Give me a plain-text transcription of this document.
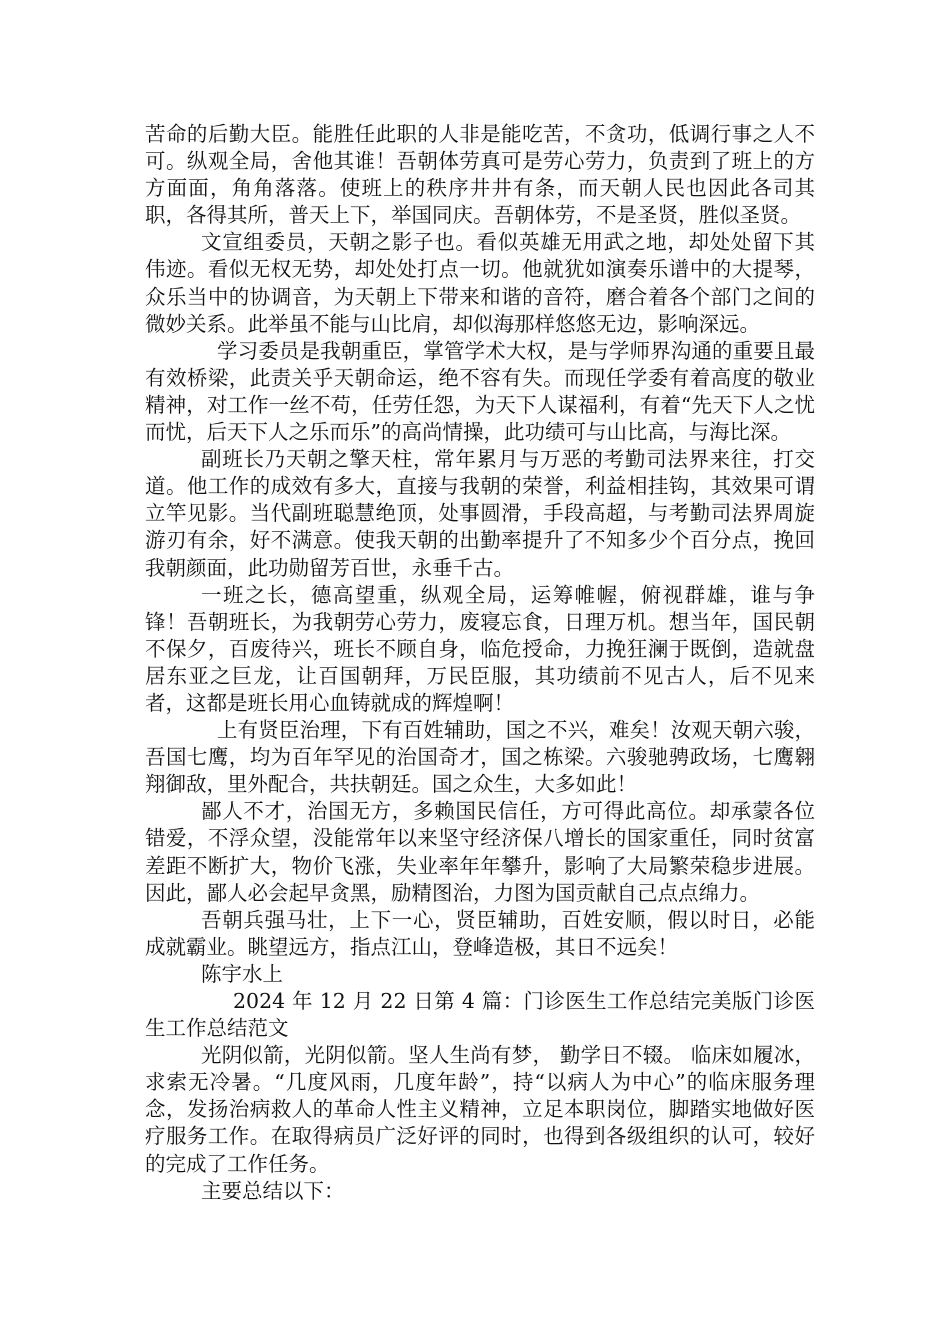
苦命的后勤大臣。能胜任此职的人非是能吃苦，不贪功，低调行事之人不可。纵观全局，舍他其谁！吾朝体劳真可是劳心劳力，负责到了班上的方方面面，角角落落。使班上的秩序井井有条，而天朝人民也因此各司其职，各得其所，普天上下，举国同庆。吾朝体劳，不是圣贤，胜似圣贤。

文宣组委员，天朝之影子也。看似英雄无用武之地，却处处留下其伟迹。看似无权无势，却处处打点一切。他就犹如演奏乐谱中的大提琴，众乐当中的协调音，为天朝上下带来和谐的音符，磨合着各个部门之间的微妙关系。此举虽不能与山比肩，却似海那样悠悠无边，影响深远。

学习委员是我朝重臣，掌管学术大权，是与学师界沟通的重要且最有效桥梁，此责关乎天朝命运，绝不容有失。而现任学委有着高度的敬业精神，对工作一丝不苟，任劳任怨，为天下人谋福利，有着“先天下人之忧而忧，后天下人之乐而乐”的高尚情操，此功绩可与山比高，与海比深。

副班长乃天朝之擎天柱，常年累月与万恶的考勤司法界来往，打交道。他工作的成效有多大，直接与我朝的荣誉，利益相挂钩，其效果可谓立竿见影。当代副班聪慧绝顶，处事圆滑，手段高超，与考勤司法界周旋游刃有余，好不满意。使我天朝的出勤率提升了不知多少个百分点，挽回我朝颜面，此功勋留芳百世，永垂千古。

一班之长，德高望重，纵观全局，运筹帷幄，俯视群雄，谁与争锋！吾朝班长，为我朝劳心劳力，废寝忘食，日理万机。想当年，国民朝不保夕，百废待兴，班长不顾自身，临危授命，力挽狂澜于既倒，造就盘居东亚之巨龙，让百国朝拜，万民臣服，其功绩前不见古人，后不见来者，这都是班长用心血铸就成的辉煌啊！

上有贤臣治理，下有百姓辅助，国之不兴，难矣！汝观天朝六骏，吾国七鹰，均为百年罕见的治国奇才，国之栋梁。六骏驰骋政场，七鹰翱翔御敌，里外配合，共扶朝廷。国之众生，大多如此！

鄙人不才，治国无方，多赖国民信任，方可得此高位。却承蒙各位错爱，不浮众望，没能常年以来坚守经济保八增长的国家重任，同时贫富差距不断扩大，物价飞涨，失业率年年攀升，影响了大局繁荣稳步进展。因此，鄙人必会起早贪黑，励精图治，力图为国贡献自己点点绵力。

吾朝兵强马壮，上下一心，贤臣辅助，百姓安顺，假以时日，必能成就霸业。眺望远方，指点江山，登峰造极，其日不远矣！

陈宇水上

2024 年 12 月 22 日第 4 篇：门诊医生工作总结完美版门诊医生工作总结范文

光阴似箭，光阴似箭。坚人生尚有梦， 勤学日不辍。 临床如履冰， 求索无冷暑。“几度风雨，几度年龄”，持“以病人为中心”的临床服务理念，发扬治病救人的革命人性主义精神，立足本职岗位，脚踏实地做好医疗服务工作。在取得病员广泛好评的同时，也得到各级组织的认可，较好的完成了工作任务。

主要总结以下：
